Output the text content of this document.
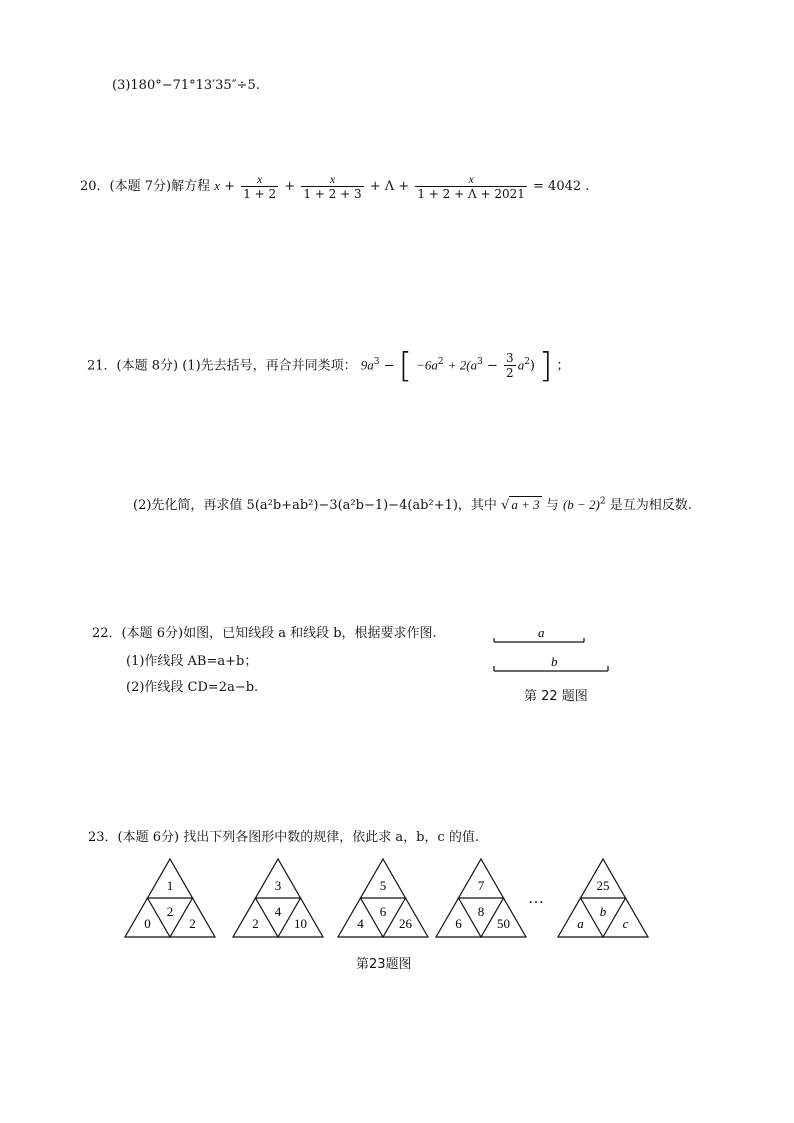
(3)180°−71°13′35″÷5.
20．(本题 7分)解方程 $x + \frac{x}{1 + 2} + \frac{x}{1 + 2 + 3} + \Lambda + \frac{x}{1 + 2 + \Lambda + 2021} = 4042$ .
21．(本题 8分) (1)先去括号，再合并同类项： $9a^3$ − [ $-6a^2 + 2(a^3 - \frac{3}{2} a^2)$ ] ；
(2)先化简，再求值 5(a²b+ab²)−3(a²b−1)−4(ab²+1)，其中 √ a + 3 与 $(b - 2)^2$ 是互为相反数.
22．(本题 6分)如图，已知线段 a 和线段 b，根据要求作图.
(1)作线段 AB=a+b；
(2)作线段 CD=2a−b.
a
b
第 22 题图
23．(本题 6分) 找出下列各图形中数的规律，依此求 a，b，c 的值.
1
2
0	2
3
4
2	10
5
6
4	26
7
8
6	50
25
b
a	c
…
第23题图
